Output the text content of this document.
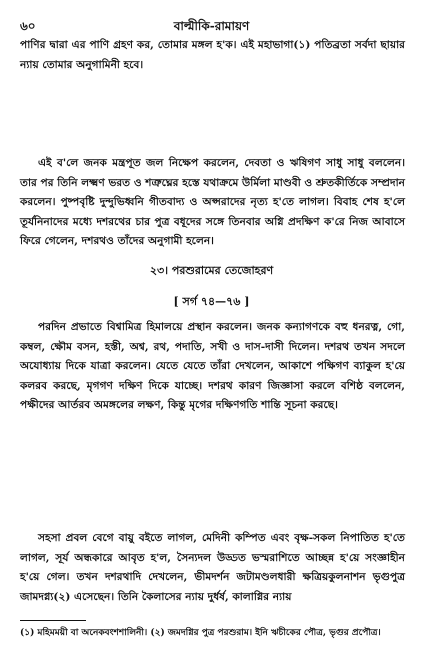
৬০	বাল্মীকি-রামায়ণ

পাণির দ্বারা এর পাণি গ্রহণ কর, তোমার মঙ্গল হ'ক। এই মহাভাগা(১) পতিব্রতা সর্বদা ছায়ার ন্যায় তোমার অনুগামিনী হবে।

এই ব'লে জনক মন্ত্রপূত জল নিক্ষেপ করলেন, দেবতা ও ঋষিগণ সাধু সাধু বললেন। তার পর তিনি লক্ষ্মণ ভরত ও শত্রুঘ্নের হস্তে যথাক্রমে উর্মিলা মাণ্ডবী ও শ্রুতকীর্তিকে সম্প্রদান করলেন। পুষ্পবৃষ্টি দুন্দুভিধ্বনি গীতবাদ্য ও অপ্সরাদের নৃত্য হ'তে লাগল। বিবাহ শেষ হ'লে তূর্যনিনাদের মধ্যে দশরথের চার পুত্র বধূদের সঙ্গে তিনবার অগ্নি প্রদক্ষিণ ক'রে নিজ আবাসে ফিরে গেলেন, দশরথও তাঁদের অনুগামী হলেন।

২৩। পরশুরামের তেজোহরণ
[ সর্গ ৭৪—৭৬ ]

পরদিন প্রভাতে বিশ্বামিত্র হিমালয়ে প্রস্থান করলেন। জনক কন্যাগণকে বহু ধনরত্ন, গো, কম্বল, ক্ষৌম বসন, হস্তী, অশ্ব, রথ, পদাতি, সখী ও দাস-দাসী দিলেন। দশরথ তখন সদলে অযোধ্যায় দিকে যাত্রা করলেন। যেতে যেতে তাঁরা দেখলেন, আকাশে পক্ষিগণ ব্যাকুল হ'য়ে কলরব করছে, মৃগগণ দক্ষিণ দিকে যাচ্ছে। দশরথ কারণ জিজ্ঞাসা করলে বশিষ্ঠ বললেন, পক্ষীদের আর্তরব অমঙ্গলের লক্ষণ, কিন্তু মৃগের দক্ষিণগতি শান্তি সূচনা করছে।

সহসা প্রবল বেগে বায়ু বইতে লাগল, মেদিনী কম্পিত এবং বৃক্ষ-সকল নিপাতিত হ'তে লাগল, সূর্য অন্ধকারে আবৃত হ'ল, সৈন্যদল উড্ডত ভস্মরাশিতে আচ্ছন্ন হ'য়ে সংজ্ঞাহীন হ'য়ে গেল। তখন দশরথাদি দেখলেন, ভীমদর্শন জটামণ্ডলধারী ক্ষত্রিয়কুলনাশন ভৃগুপুত্র জামদগ্ন্য(২) এসেছেন। তিনি কৈলাসের ন্যায় দুর্ধর্ষ, কালাগ্নির ন্যায়

(১) মহিমময়ী বা অনেকবংশশালিনী। (২) জমদগ্নির পুত্র পরশুরাম। ইনি ঋচীকের পৌত্র, ভৃগুর প্রপৌত্র।
